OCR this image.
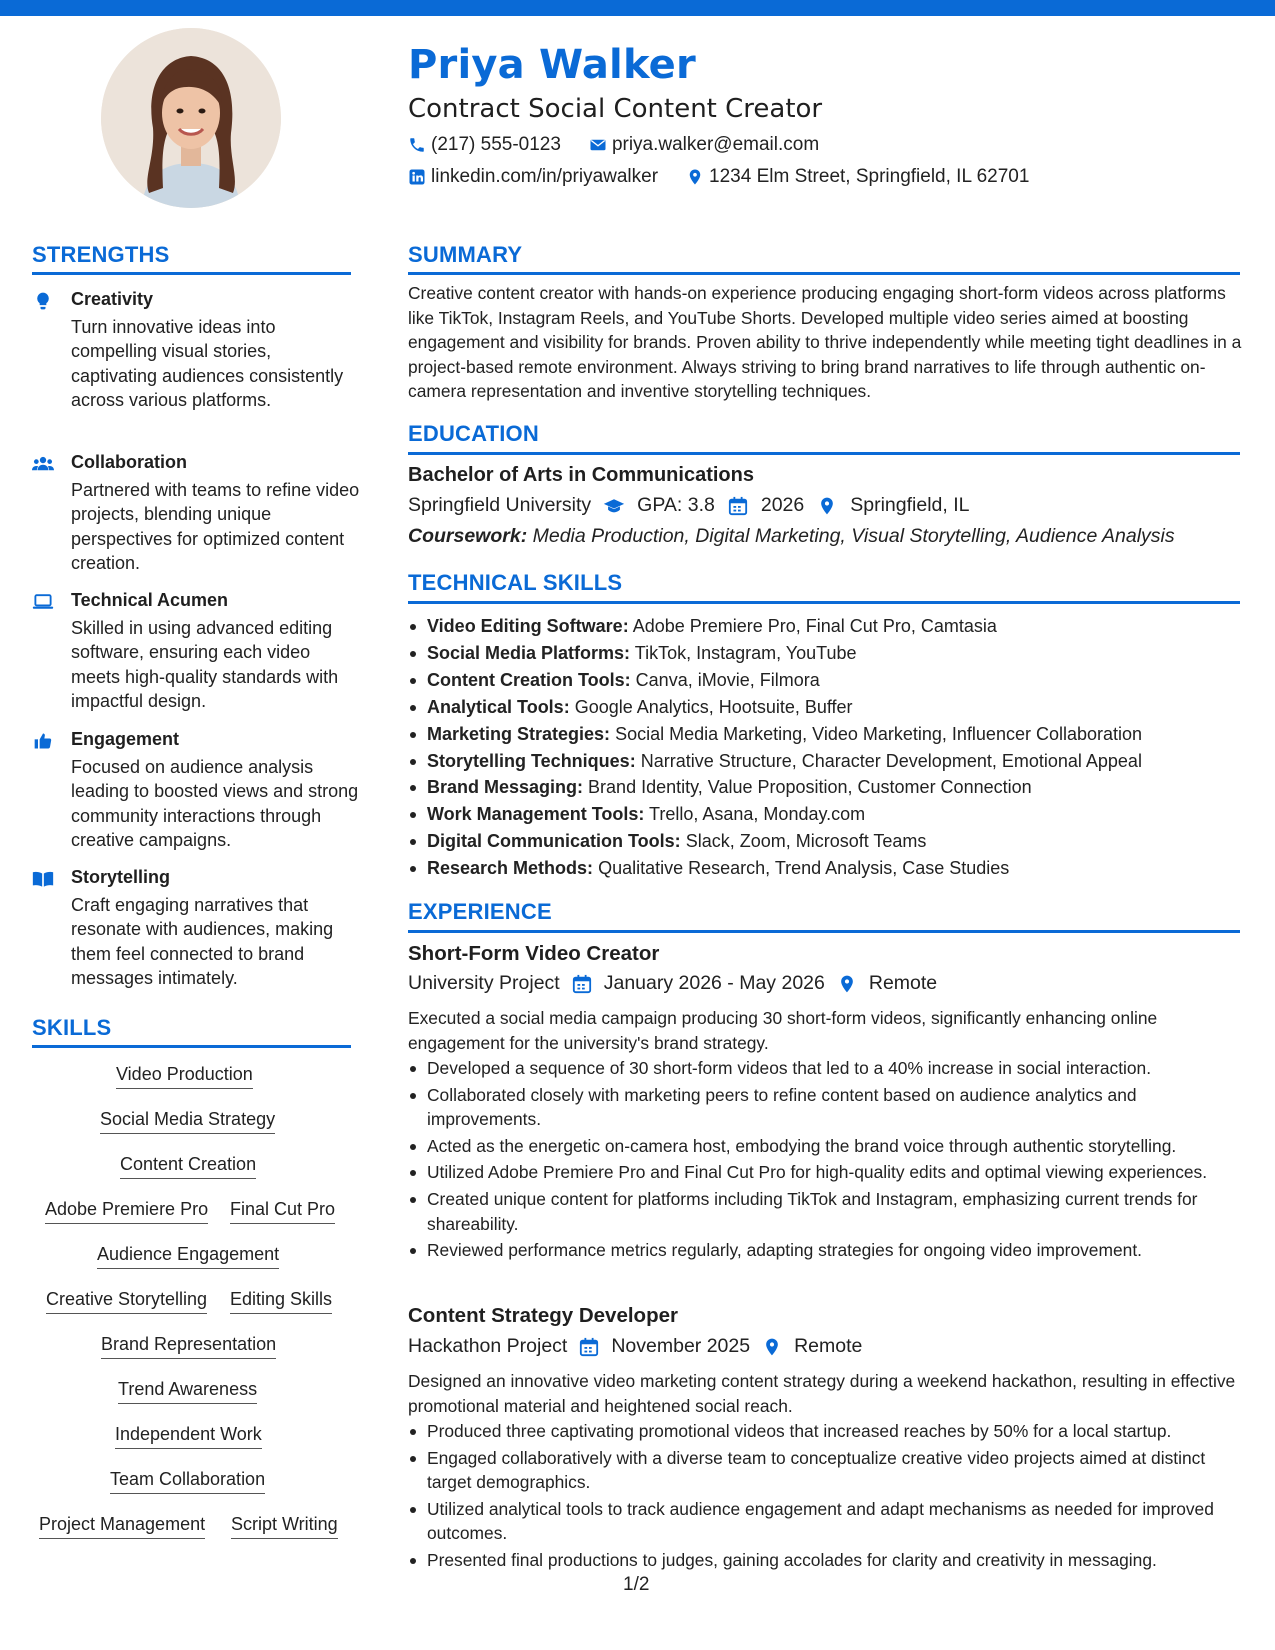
Priya Walker
Contract Social Content Creator
(217) 555-0123	priya.walker@email.com
linkedin.com/in/priyawalker	1234 Elm Street, Springfield, IL 62701
STRENGTHS
Creativity
Turn innovative ideas into compelling visual stories, captivating audiences consistently across various platforms.
Collaboration
Partnered with teams to refine video projects, blending unique perspectives for optimized content creation.
Technical Acumen
Skilled in using advanced editing software, ensuring each video meets high-quality standards with impactful design.
Engagement
Focused on audience analysis leading to boosted views and strong community interactions through creative campaigns.
Storytelling
Craft engaging narratives that resonate with audiences, making them feel connected to brand messages intimately.
SKILLS
Video Production
Social Media Strategy
Content Creation
Adobe Premiere Pro Final Cut Pro
Audience Engagement
Creative Storytelling Editing Skills
Brand Representation
Trend Awareness
Independent Work
Team Collaboration
Project Management Script Writing
SUMMARY
Creative content creator with hands-on experience producing engaging short-form videos across platforms like TikTok, Instagram Reels, and YouTube Shorts. Developed multiple video series aimed at boosting engagement and visibility for brands. Proven ability to thrive independently while meeting tight deadlines in a project-based remote environment. Always striving to bring brand narratives to life through authentic on-camera representation and inventive storytelling techniques.
EDUCATION
Bachelor of Arts in Communications
Springfield University GPA: 3.8 2026 Springfield, IL
Coursework: Media Production, Digital Marketing, Visual Storytelling, Audience Analysis
TECHNICAL SKILLS
Video Editing Software: Adobe Premiere Pro, Final Cut Pro, Camtasia
Social Media Platforms: TikTok, Instagram, YouTube
Content Creation Tools: Canva, iMovie, Filmora
Analytical Tools: Google Analytics, Hootsuite, Buffer
Marketing Strategies: Social Media Marketing, Video Marketing, Influencer Collaboration
Storytelling Techniques: Narrative Structure, Character Development, Emotional Appeal
Brand Messaging: Brand Identity, Value Proposition, Customer Connection
Work Management Tools: Trello, Asana, Monday.com
Digital Communication Tools: Slack, Zoom, Microsoft Teams
Research Methods: Qualitative Research, Trend Analysis, Case Studies
EXPERIENCE
Short-Form Video Creator
University Project January 2026 - May 2026 Remote
Executed a social media campaign producing 30 short-form videos, significantly enhancing online engagement for the university's brand strategy.
Developed a sequence of 30 short-form videos that led to a 40% increase in social interaction.
Collaborated closely with marketing peers to refine content based on audience analytics and improvements.
Acted as the energetic on-camera host, embodying the brand voice through authentic storytelling.
Utilized Adobe Premiere Pro and Final Cut Pro for high-quality edits and optimal viewing experiences.
Created unique content for platforms including TikTok and Instagram, emphasizing current trends for shareability.
Reviewed performance metrics regularly, adapting strategies for ongoing video improvement.
Content Strategy Developer
Hackathon Project November 2025 Remote
Designed an innovative video marketing content strategy during a weekend hackathon, resulting in effective promotional material and heightened social reach.
Produced three captivating promotional videos that increased reaches by 50% for a local startup.
Engaged collaboratively with a diverse team to conceptualize creative video projects aimed at distinct target demographics.
Utilized analytical tools to track audience engagement and adapt mechanisms as needed for improved outcomes.
Presented final productions to judges, gaining accolades for clarity and creativity in messaging.
1/2
